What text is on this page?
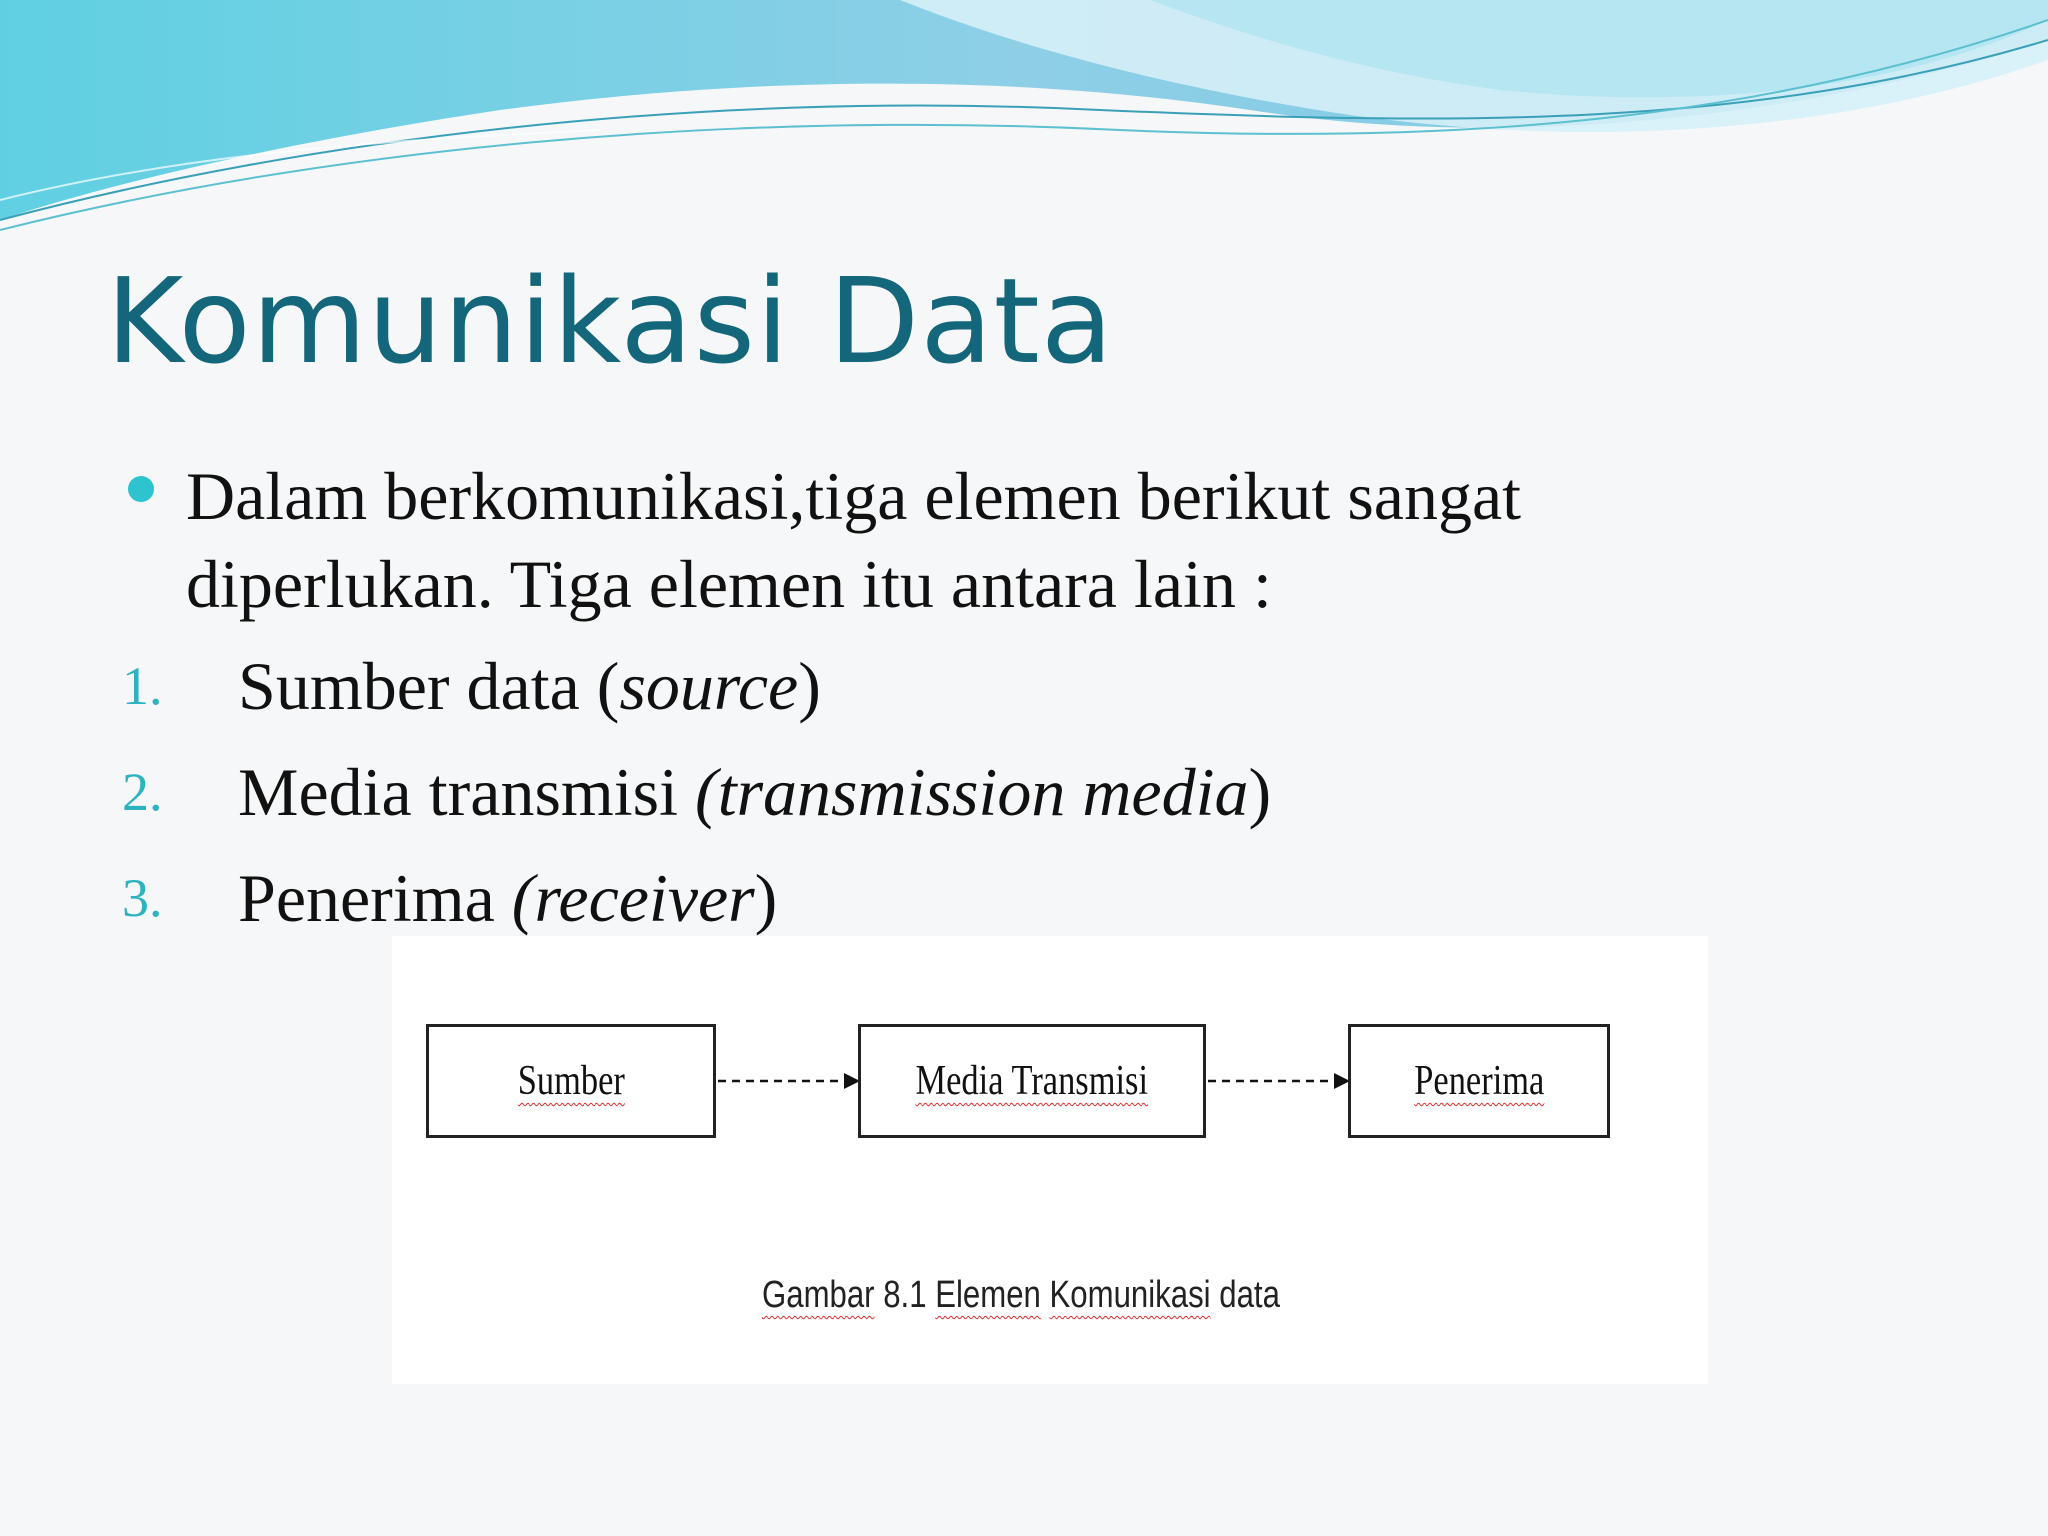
Komunikasi Data
Dalam berkomunikasi,tiga elemen berikut sangat
diperlukan. Tiga elemen itu antara lain :
1. Sumber data (source)
2. Media transmisi (transmission media)
3. Penerima (receiver)
Sumber	Media Transmisi	Penerima
Gambar 8.1 Elemen Komunikasi data
